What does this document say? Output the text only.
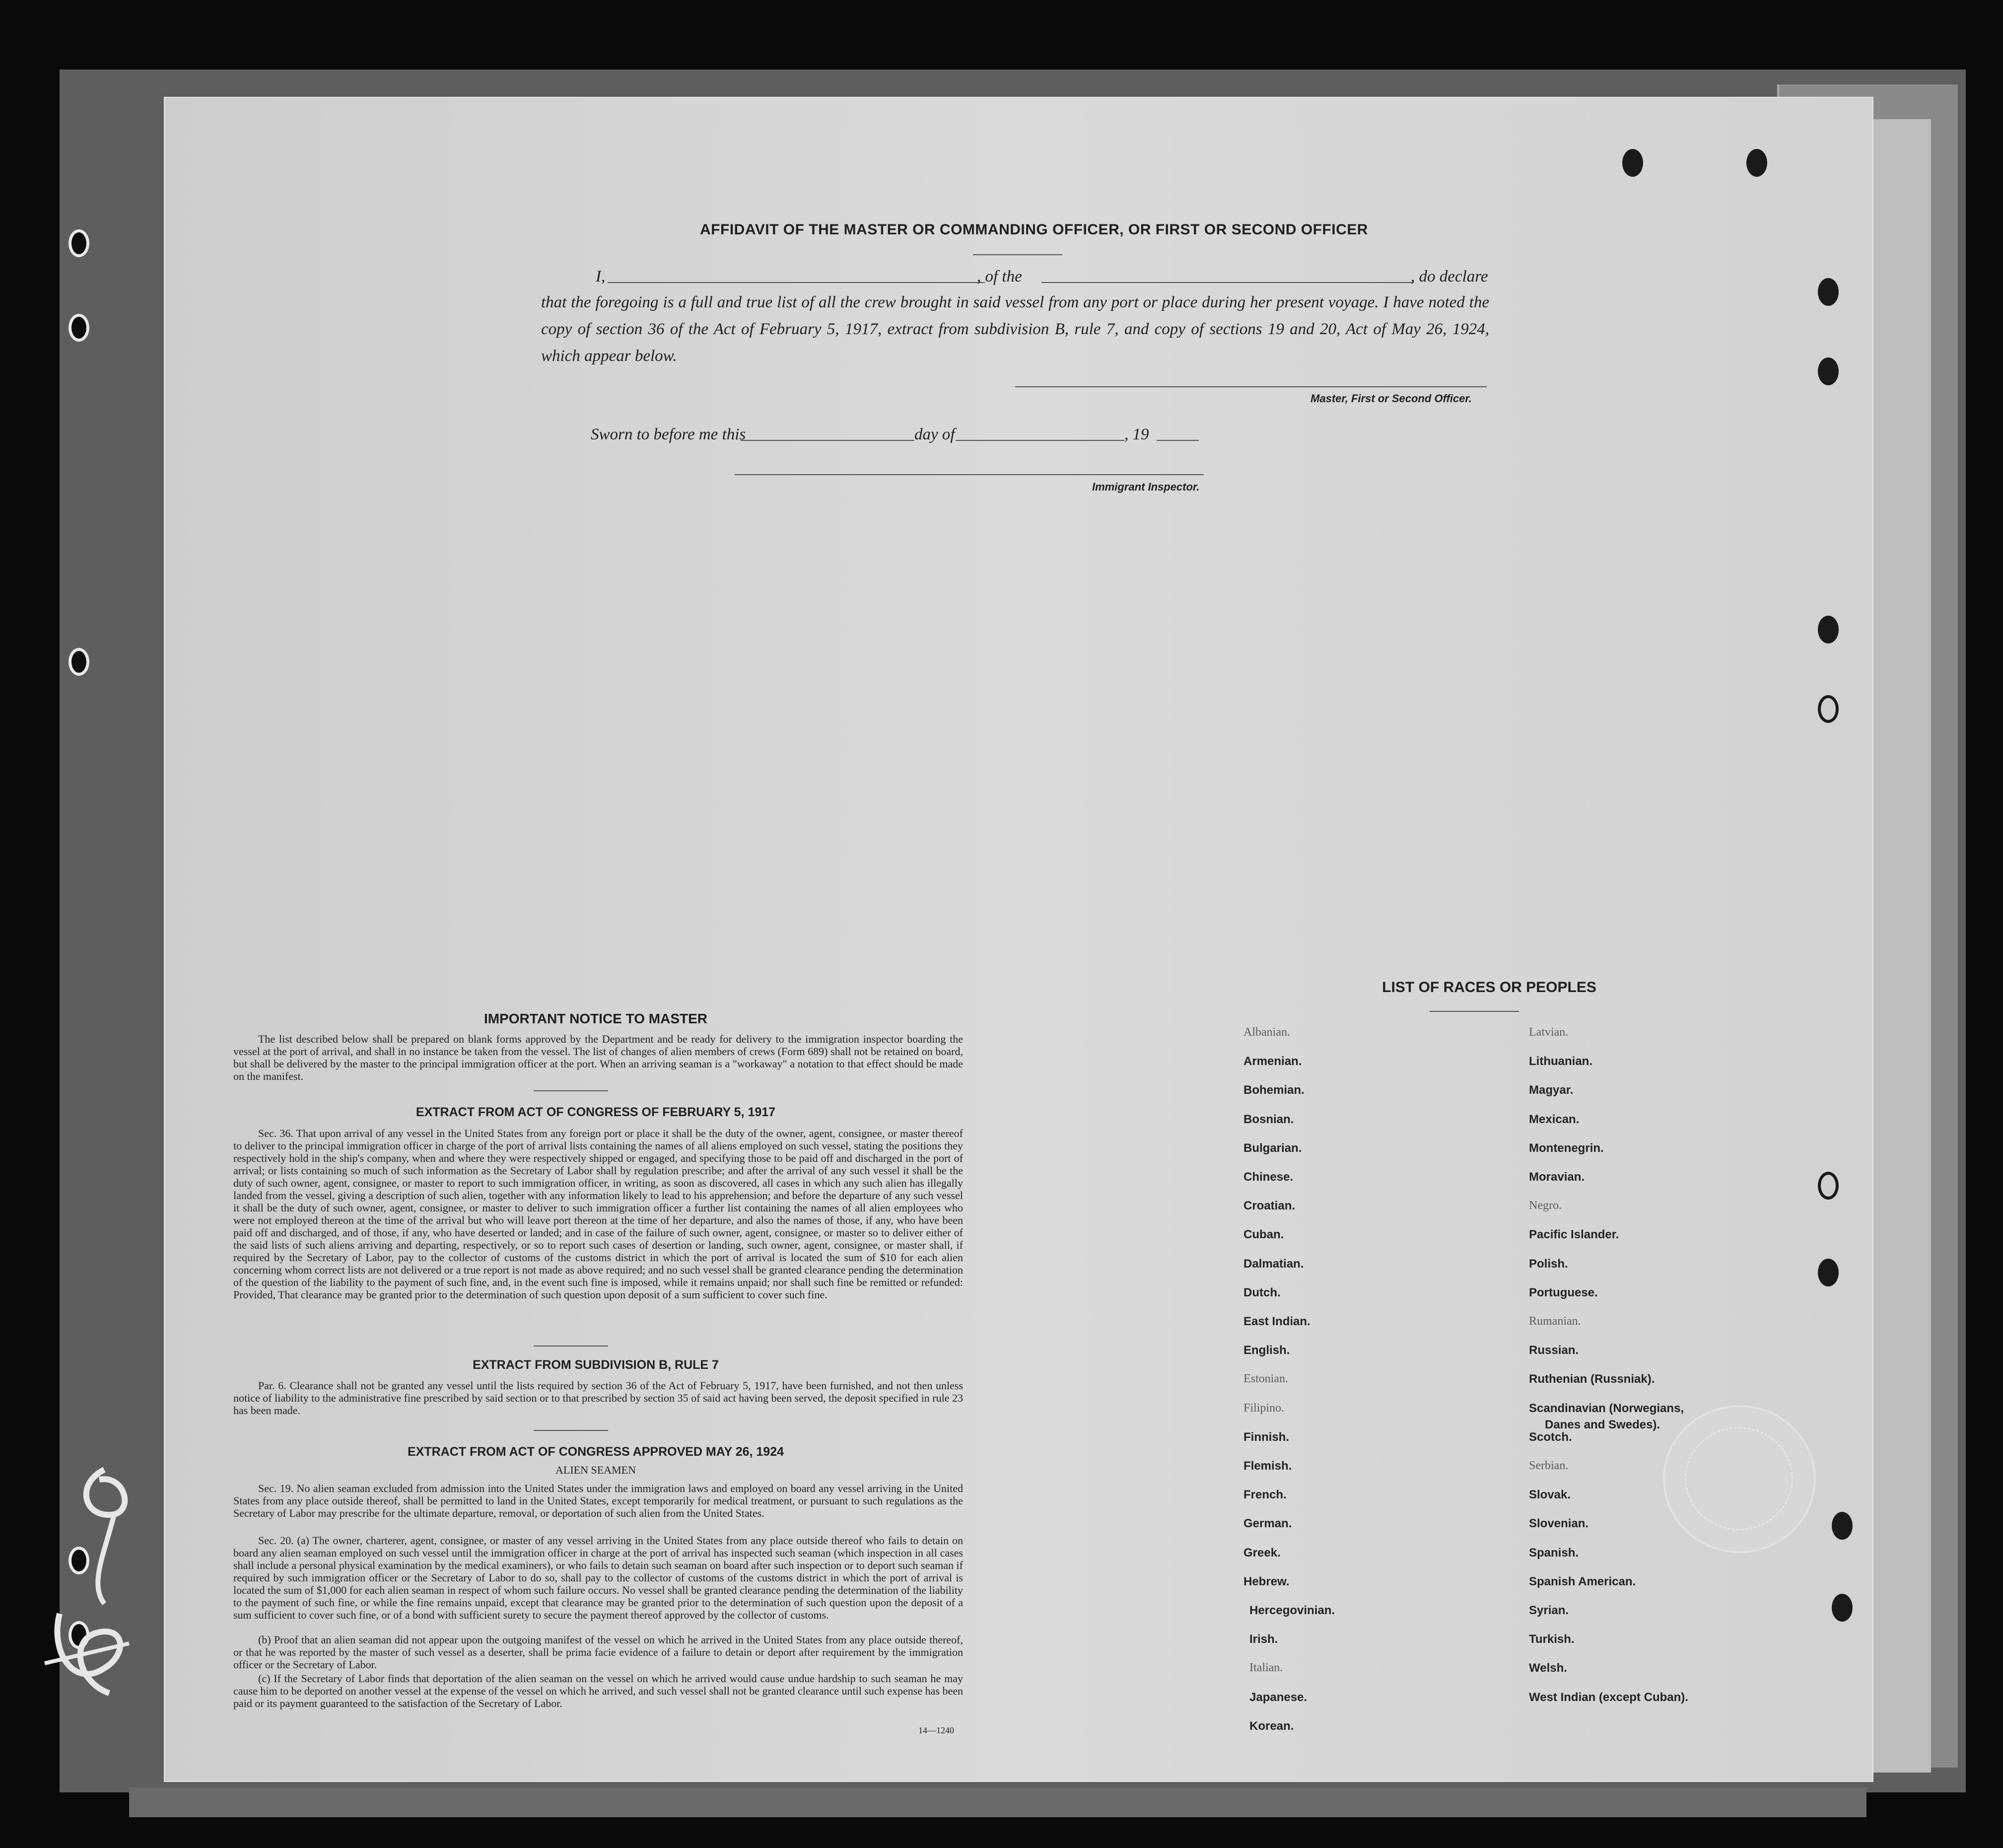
AFFIDAVIT OF THE MASTER OR COMMANDING OFFICER, OR FIRST OR SECOND OFFICER
I,	, of the	, do declare
that the foregoing is a full and true list of all the crew brought in said vessel from any port or place during her present voyage. I have noted the copy of section 36 of the Act of February 5, 1917, extract from subdivision B, rule 7, and copy of sections 19 and 20, Act of May 26, 1924, which appear below.
Master, First or Second Officer.
Sworn to before me this	day of	, 19
Immigrant Inspector.
IMPORTANT NOTICE TO MASTER
The list described below shall be prepared on blank forms approved by the Department and be ready for delivery to the immigration inspector boarding the vessel at the port of arrival, and shall in no instance be taken from the vessel. The list of changes of alien members of crews (Form 689) shall not be retained on board, but shall be delivered by the master to the principal immigration officer at the port. When an arriving seaman is a "workaway" a notation to that effect should be made on the manifest.
EXTRACT FROM ACT OF CONGRESS OF FEBRUARY 5, 1917
Sec. 36. That upon arrival of any vessel in the United States from any foreign port or place it shall be the duty of the owner, agent, consignee, or master thereof to deliver to the principal immigration officer in charge of the port of arrival lists containing the names of all aliens employed on such vessel, stating the positions they respectively hold in the ship's company, when and where they were respectively shipped or engaged, and specifying those to be paid off and discharged in the port of arrival; or lists containing so much of such information as the Secretary of Labor shall by regulation prescribe; and after the arrival of any such vessel it shall be the duty of such owner, agent, consignee, or master to report to such immigration officer, in writing, as soon as discovered, all cases in which any such alien has illegally landed from the vessel, giving a description of such alien, together with any information likely to lead to his apprehension; and before the departure of any such vessel it shall be the duty of such owner, agent, consignee, or master to deliver to such immigration officer a further list containing the names of all alien employees who were not employed thereon at the time of the arrival but who will leave port thereon at the time of her departure, and also the names of those, if any, who have been paid off and discharged, and of those, if any, who have deserted or landed; and in case of the failure of such owner, agent, consignee, or master so to deliver either of the said lists of such aliens arriving and departing, respectively, or so to report such cases of desertion or landing, such owner, agent, consignee, or master shall, if required by the Secretary of Labor, pay to the collector of customs of the customs district in which the port of arrival is located the sum of $10 for each alien concerning whom correct lists are not delivered or a true report is not made as above required; and no such vessel shall be granted clearance pending the determination of the question of the liability to the payment of such fine, and, in the event such fine is imposed, while it remains unpaid; nor shall such fine be remitted or refunded: Provided, That clearance may be granted prior to the determination of such question upon deposit of a sum sufficient to cover such fine.
EXTRACT FROM SUBDIVISION B, RULE 7
Par. 6. Clearance shall not be granted any vessel until the lists required by section 36 of the Act of February 5, 1917, have been furnished, and not then unless notice of liability to the administrative fine prescribed by said section or to that prescribed by section 35 of said act having been served, the deposit specified in rule 23 has been made.
EXTRACT FROM ACT OF CONGRESS APPROVED MAY 26, 1924
ALIEN SEAMEN
Sec. 19. No alien seaman excluded from admission into the United States under the immigration laws and employed on board any vessel arriving in the United States from any place outside thereof, shall be permitted to land in the United States, except temporarily for medical treatment, or pursuant to such regulations as the Secretary of Labor may prescribe for the ultimate departure, removal, or deportation of such alien from the United States.
Sec. 20. (a) The owner, charterer, agent, consignee, or master of any vessel arriving in the United States from any place outside thereof who fails to detain on board any alien seaman employed on such vessel until the immigration officer in charge at the port of arrival has inspected such seaman (which inspection in all cases shall include a personal physical examination by the medical examiners), or who fails to detain such seaman on board after such inspection or to deport such seaman if required by such immigration officer or the Secretary of Labor to do so, shall pay to the collector of customs of the customs district in which the port of arrival is located the sum of $1,000 for each alien seaman in respect of whom such failure occurs. No vessel shall be granted clearance pending the determination of the liability to the payment of such fine, or while the fine remains unpaid, except that clearance may be granted prior to the determination of such question upon the deposit of a sum sufficient to cover such fine, or of a bond with sufficient surety to secure the payment thereof approved by the collector of customs.
(b) Proof that an alien seaman did not appear upon the outgoing manifest of the vessel on which he arrived in the United States from any place outside thereof, or that he was reported by the master of such vessel as a deserter, shall be prima facie evidence of a failure to detain or deport after requirement by the immigration officer or the Secretary of Labor.
(c) If the Secretary of Labor finds that deportation of the alien seaman on the vessel on which he arrived would cause undue hardship to such seaman he may cause him to be deported on another vessel at the expense of the vessel on which he arrived, and such vessel shall not be granted clearance until such expense has been paid or its payment guaranteed to the satisfaction of the Secretary of Labor.
14—1240
LIST OF RACES OR PEOPLES
Albanian.
Armenian.
Bohemian.
Bosnian.
Bulgarian.
Chinese.
Croatian.
Cuban.
Dalmatian.
Dutch.
East Indian.
English.
Estonian.
Filipino.
Finnish.
Flemish.
French.
German.
Greek.
Hebrew.
Hercegovinian.
Irish.
Italian.
Japanese.
Korean.
Latvian.
Lithuanian.
Magyar.
Mexican.
Montenegrin.
Moravian.
Negro.
Pacific Islander.
Polish.
Portuguese.
Rumanian.
Russian.
Ruthenian (Russniak).
Scandinavian (Norwegians,
Scotch.
Serbian.
Slovak.
Slovenian.
Spanish.
Spanish American.
Syrian.
Turkish.
Welsh.
West Indian (except Cuban).
Danes and Swedes).
